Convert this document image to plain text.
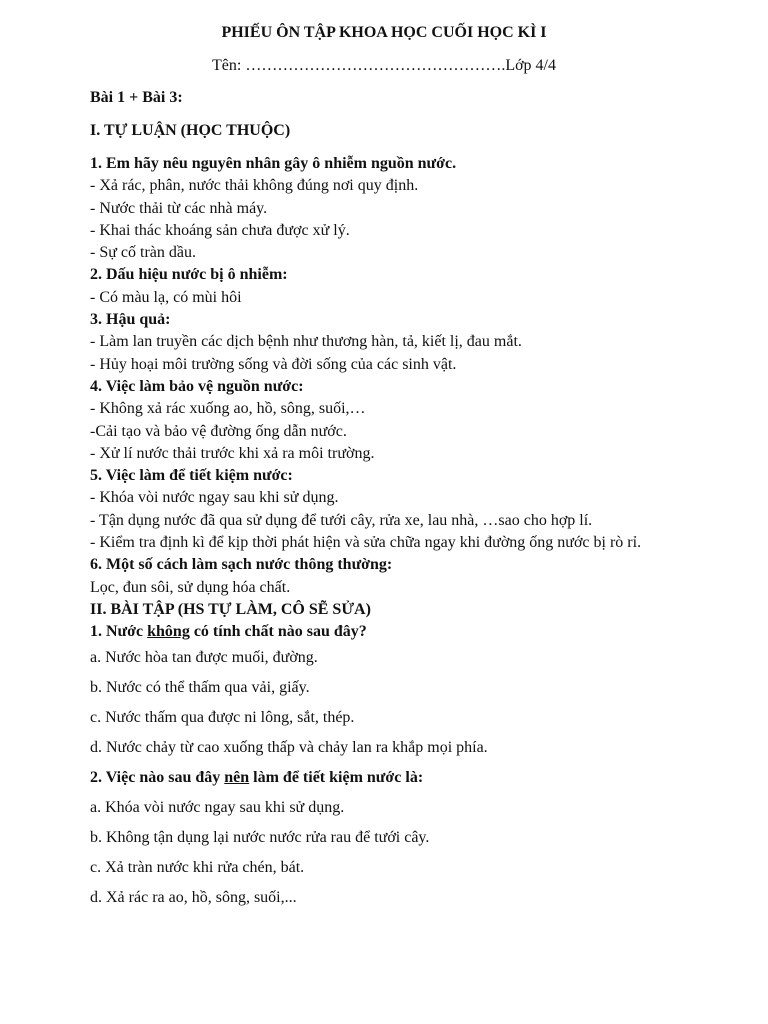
PHIẾU ÔN TẬP KHOA HỌC CUỐI HỌC KÌ I
Tên: ………………………………………….Lớp 4/4
Bài 1 + Bài 3:
I. TỰ LUẬN (HỌC THUỘC)
1. Em hãy nêu nguyên nhân gây ô nhiễm nguồn nước.
- Xả rác, phân, nước thải không đúng nơi quy định.
- Nước thải từ các nhà máy.
- Khai thác khoáng sản chưa được xử lý.
- Sự cố tràn dầu.
2. Dấu hiệu nước bị ô nhiễm:
- Có màu lạ, có mùi hôi
3. Hậu quả:
- Làm lan truyền các dịch bệnh như thương hàn, tả, kiết lị, đau mắt.
- Hủy hoại môi trường sống và đời sống của các sinh vật.
4. Việc làm bảo vệ nguồn nước:
- Không xả rác xuống ao, hồ, sông, suối,…
-Cải tạo và bảo vệ đường ống dẫn nước.
- Xử lí nước thải trước khi xả ra môi trường.
5. Việc làm để tiết kiệm nước:
- Khóa vòi nước ngay sau khi sử dụng.
- Tận dụng nước đã qua sử dụng để tưới cây, rửa xe, lau nhà, …sao cho hợp lí.
- Kiểm tra định kì để kịp thời phát hiện và sửa chữa ngay khi đường ống nước bị rò rỉ.
6. Một số cách làm sạch nước thông thường:
Lọc, đun sôi, sử dụng hóa chất.
II. BÀI TẬP (HS TỰ LÀM, CÔ SẼ SỬA)
1. Nước không có tính chất nào sau đây?
a. Nước hòa tan được muối, đường.
b. Nước có thể thấm qua vải, giấy.
c. Nước thấm qua được ni lông, sắt, thép.
d. Nước chảy từ cao xuống thấp và chảy lan ra khắp mọi phía.
2. Việc nào sau đây nên làm để tiết kiệm nước là:
a. Khóa vòi nước ngay sau khi sử dụng.
b. Không tận dụng lại nước nước rửa rau để tưới cây.
c. Xả tràn nước khi rửa chén, bát.
d. Xả rác ra ao, hồ, sông, suối,...
